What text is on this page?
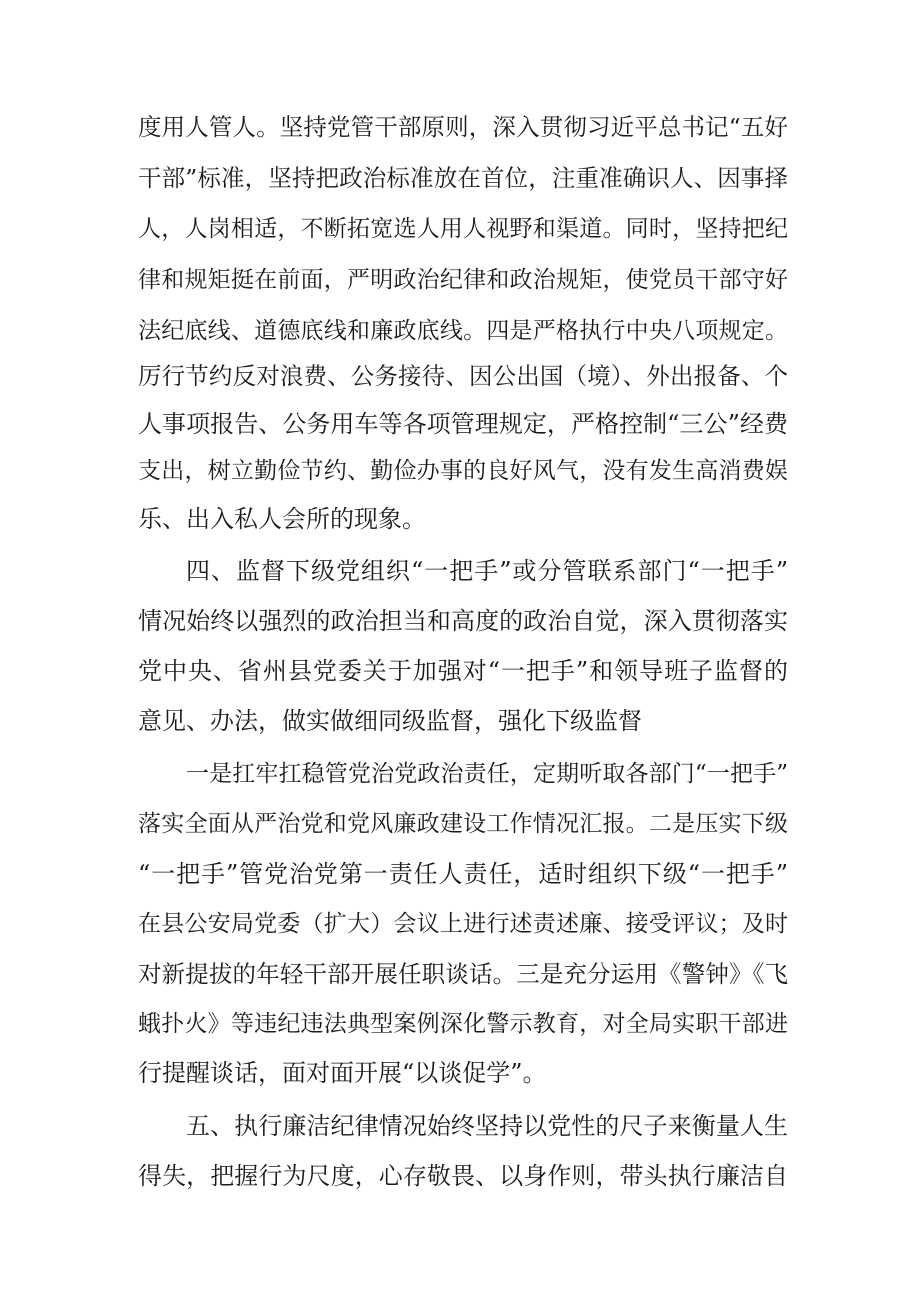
度用人管人。坚持党管干部原则，深入贯彻习近平总书记“五好
干部”标准，坚持把政治标准放在首位，注重准确识人、因事择
人，人岗相适，不断拓宽选人用人视野和渠道。同时，坚持把纪
律和规矩挺在前面，严明政治纪律和政治规矩，使党员干部守好
法纪底线、道德底线和廉政底线。四是严格执行中央八项规定。
厉行节约反对浪费、公务接待、因公出国（境）、外出报备、个
人事项报告、公务用车等各项管理规定，严格控制“三公”经费
支出，树立勤俭节约、勤俭办事的良好风气，没有发生高消费娱
乐、出入私人会所的现象。
四、监督下级党组织“一把手”或分管联系部门“一把手”
情况始终以强烈的政治担当和高度的政治自觉，深入贯彻落实
党中央、省州县党委关于加强对“一把手”和领导班子监督的
意见、办法，做实做细同级监督，强化下级监督
一是扛牢扛稳管党治党政治责任，定期听取各部门“一把手”
落实全面从严治党和党风廉政建设工作情况汇报。二是压实下级
“一把手”管党治党第一责任人责任，适时组织下级“一把手”
在县公安局党委（扩大）会议上进行述责述廉、接受评议；及时
对新提拔的年轻干部开展任职谈话。三是充分运用《警钟》《飞
蛾扑火》等违纪违法典型案例深化警示教育，对全局实职干部进
行提醒谈话，面对面开展“以谈促学”。
五、执行廉洁纪律情况始终坚持以党性的尺子来衡量人生
得失，把握行为尺度，心存敬畏、以身作则，带头执行廉洁自
